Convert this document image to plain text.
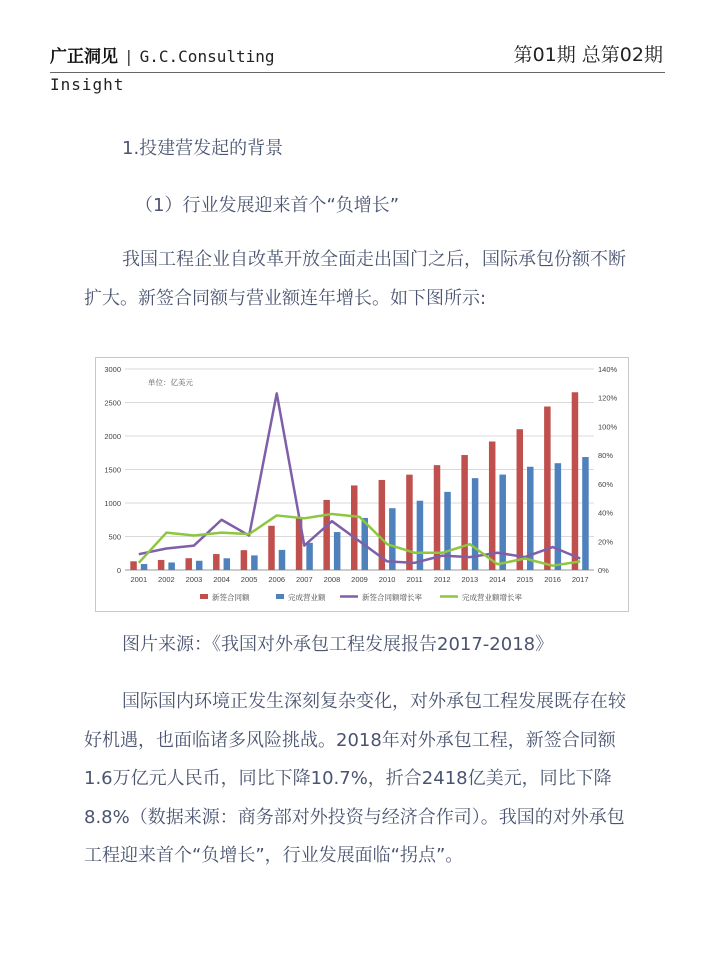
广正洞见 | G.C.Consulting	第01期 总第02期
Insight
1.投建营发起的背景
（1）行业发展迎来首个“负增长”
我国工程企业自改革开放全面走出国门之后，国际承包份额不断扩大。新签合同额与营业额连年增长。如下图所示:
0
500
1000
1500
2000
2500
3000
0%
20%
40%
60%
80%
100%
120%
140%
单位：亿美元
2001 2002 2003 2004 2005 2006 2007 2008 2009 2010 2011 2012 2013 2014 2015 2016 2017
新签合同额	完成营业额	新签合同额增长率	完成营业额增长率
图片来源：《我国对外承包工程发展报告2017-2018》
国际国内环境正发生深刻复杂变化，对外承包工程发展既存在较好机遇，也面临诸多风险挑战。2018年对外承包工程，新签合同额1.6万亿元人民币，同比下降10.7%，折合2418亿美元，同比下降8.8%（数据来源：商务部对外投资与经济合作司）。我国的对外承包工程迎来首个“负增长”，行业发展面临“拐点”。
